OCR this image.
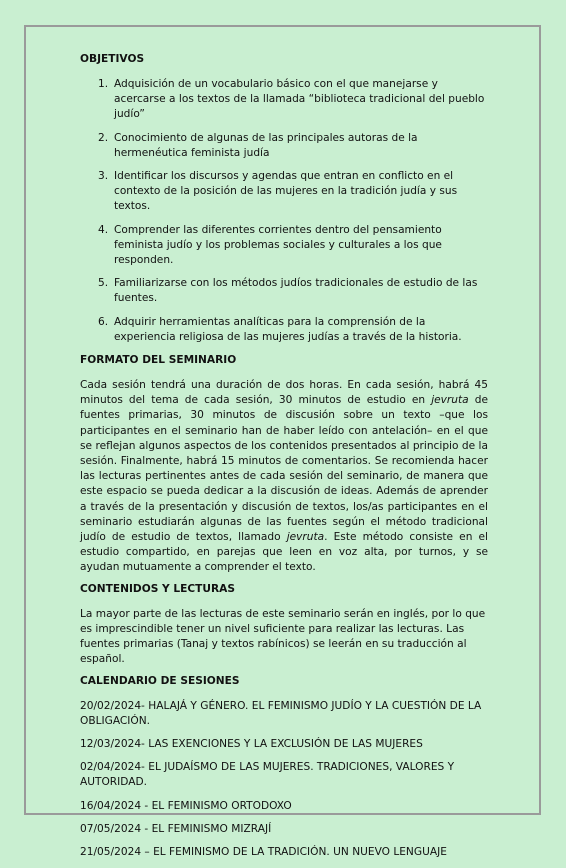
OBJETIVOS
1. Adquisición de un vocabulario básico con el que manejarse y acercarse a los textos de la llamada “biblioteca tradicional del pueblo judío”
2. Conocimiento de algunas de las principales autoras de la hermenéutica feminista judía
3. Identificar los discursos y agendas que entran en conflicto en el contexto de la posición de las mujeres en la tradición judía y sus textos.
4. Comprender las diferentes corrientes dentro del pensamiento feminista judío y los problemas sociales y culturales a los que responden.
5. Familiarizarse con los métodos judíos tradicionales de estudio de las fuentes.
6. Adquirir herramientas analíticas para la comprensión de la experiencia religiosa de las mujeres judías a través de la historia.
FORMATO DEL SEMINARIO

Cada sesión tendrá una duración de dos horas. En cada sesión, habrá 45 minutos del tema de cada sesión, 30 minutos de estudio en jevruta de fuentes primarias, 30 minutos de discusión sobre un texto –que los participantes en el seminario han de haber leído con antelación– en el que se reflejan algunos aspectos de los contenidos presentados al principio de la sesión. Finalmente, habrá 15 minutos de comentarios. Se recomienda hacer las lecturas pertinentes antes de cada sesión del seminario, de manera que este espacio se pueda dedicar a la discusión de ideas. Además de aprender a través de la presentación y discusión de textos, los/as participantes en el seminario estudiarán algunas de las fuentes según el método tradicional judío de estudio de textos, llamado jevruta. Este método consiste en el estudio compartido, en parejas que leen en voz alta, por turnos, y se ayudan mutuamente a comprender el texto.

CONTENIDOS Y LECTURAS

La mayor parte de las lecturas de este seminario serán en inglés, por lo que es imprescindible tener un nivel suficiente para realizar las lecturas. Las fuentes primarias (Tanaj y textos rabínicos) se leerán en su traducción al español.

CALENDARIO DE SESIONES

20/02/2024- HALAJÁ Y GÉNERO. EL FEMINISMO JUDÍO Y LA CUESTIÓN DE LA OBLIGACIÓN.

12/03/2024- LAS EXENCIONES Y LA EXCLUSIÓN DE LAS MUJERES

02/04/2024- EL JUDAÍSMO DE LAS MUJERES. TRADICIONES, VALORES Y AUTORIDAD.

16/04/2024 - EL FEMINISMO ORTODOXO

07/05/2024 - EL FEMINISMO MIZRAJÍ

21/05/2024 – EL FEMINISMO DE LA TRADICIÓN. UN NUEVO LENGUAJE
